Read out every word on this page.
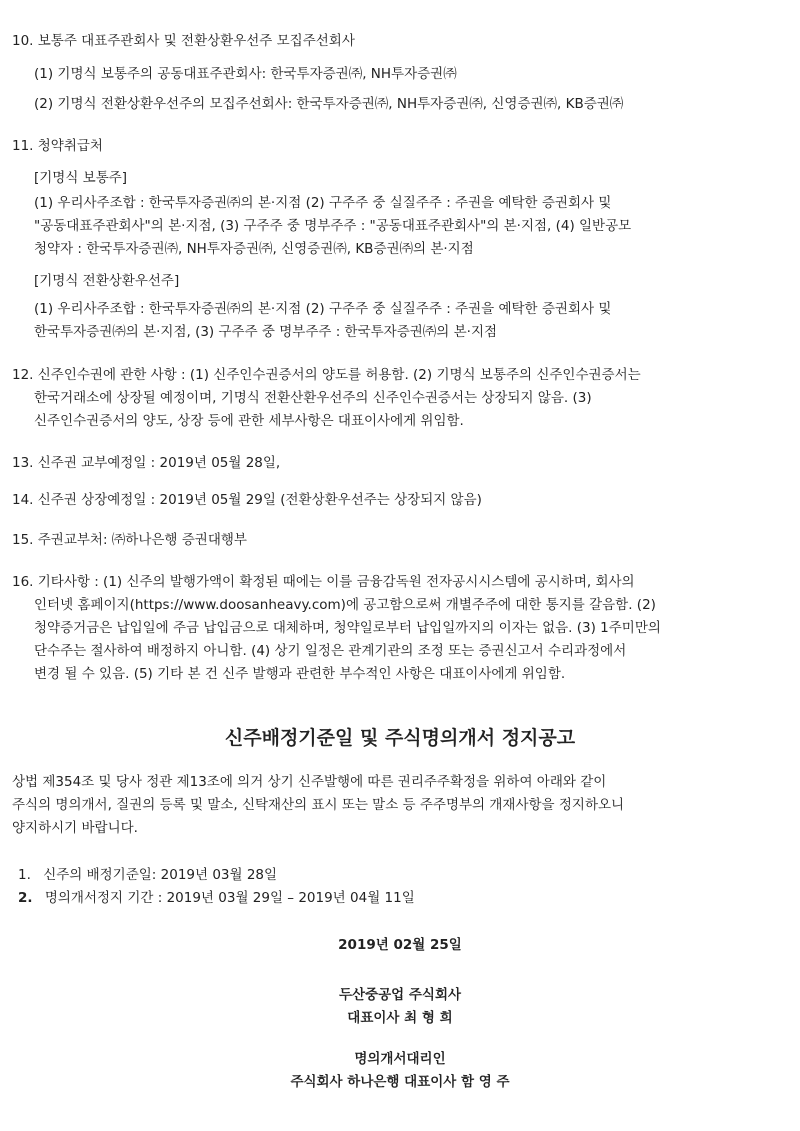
10. 보통주 대표주관회사 및 전환상환우선주 모집주선회사
(1) 기명식 보통주의 공동대표주관회사: 한국투자증권㈜, NH투자증권㈜
(2) 기명식 전환상환우선주의 모집주선회사: 한국투자증권㈜, NH투자증권㈜, 신영증권㈜, KB증권㈜
11. 청약취급처
[기명식 보통주]
(1) 우리사주조합 : 한국투자증권㈜의 본·지점 (2) 구주주 중 실질주주 : 주권을 예탁한 증권회사 및
"공동대표주관회사"의 본·지점, (3) 구주주 중 명부주주 : "공동대표주관회사"의 본·지점, (4) 일반공모
청약자 : 한국투자증권㈜, NH투자증권㈜, 신영증권㈜, KB증권㈜의 본·지점
[기명식 전환상환우선주]
(1) 우리사주조합 : 한국투자증권㈜의 본·지점 (2) 구주주 중 실질주주 : 주권을 예탁한 증권회사 및
한국투자증권㈜의 본·지점, (3) 구주주 중 명부주주 : 한국투자증권㈜의 본·지점
12. 신주인수권에 관한 사항 : (1) 신주인수권증서의 양도를 허용함. (2) 기명식 보통주의 신주인수권증서는
한국거래소에 상장될 예정이며, 기명식 전환산환우선주의 신주인수권증서는 상장되지 않음. (3)
신주인수권증서의 양도, 상장 등에 관한 세부사항은 대표이사에게 위임함.
13. 신주권 교부예정일 : 2019년 05월 28일,
14. 신주권 상장예정일 : 2019년 05월 29일 (전환상환우선주는 상장되지 않음)
15. 주권교부처: ㈜하나은행 증권대행부
16. 기타사항 : (1) 신주의 발행가액이 확정된 때에는 이를 금융감독원 전자공시시스템에 공시하며, 회사의
인터넷 홈페이지(https://www.doosanheavy.com)에 공고함으로써 개별주주에 대한 통지를 갈음함. (2)
청약증거금은 납입일에 주금 납입금으로 대체하며, 청약일로부터 납입일까지의 이자는 없음. (3) 1주미만의
단수주는 절사하여 배정하지 아니함. (4) 상기 일정은 관계기관의 조정 또는 증권신고서 수리과정에서
변경 될 수 있음. (5) 기타 본 건 신주 발행과 관련한 부수적인 사항은 대표이사에게 위임함.
신주배정기준일 및 주식명의개서 정지공고
상법 제354조 및 당사 정관 제13조에 의거 상기 신주발행에 따른 권리주주확정을 위하여 아래와 같이
주식의 명의개서, 질권의 등록 및 말소, 신탁재산의 표시 또는 말소 등 주주명부의 개재사항을 정지하오니
양지하시기 바랍니다.
1. 신주의 배정기준일: 2019년 03월 28일
2. 명의개서정지 기간 : 2019년 03월 29일 – 2019년 04월 11일
2019년 02월 25일
두산중공업 주식회사
대표이사 최 형 희
명의개서대리인
주식회사 하나은행 대표이사 함 영 주
